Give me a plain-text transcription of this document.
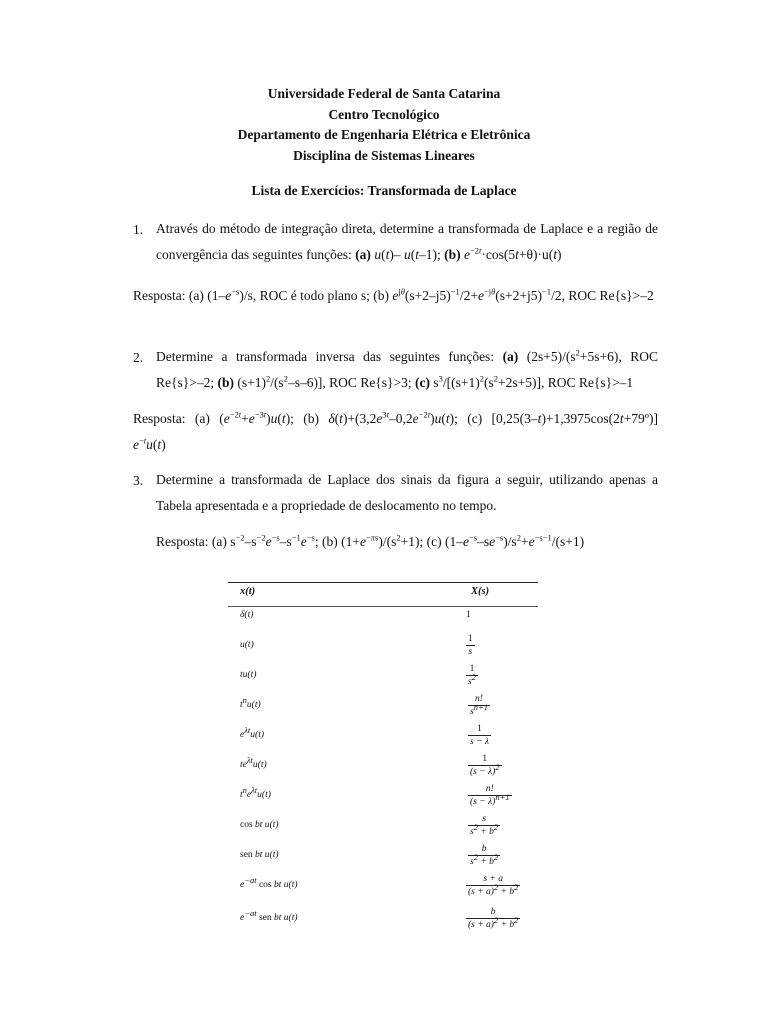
Universidade Federal de Santa Catarina
Centro Tecnológico
Departamento de Engenharia Elétrica e Eletrônica
Disciplina de Sistemas Lineares
Lista de Exercícios: Transformada de Laplace
1. Através do método de integração direta, determine a transformada de Laplace e a região de convergência das seguintes funções: (a) u(t)– u(t–1); (b) $e^{-2t}\cdot\cos(5t+\theta)\cdot u(t)$
Resposta: (a) $(1-e^{-s})/s$, ROC é todo plano s; (b) $e^{j\theta}(s+2-j5)^{-1}/2+e^{-j\theta}(s+2+j5)^{-1}/2$, ROC Re{s}>–2
2. Determine a transformada inversa das seguintes funções: (a) $(2s+5)/(s^2+5s+6)$, ROC Re{s}>–2; (b) $(s+1)^2/(s^2-s-6)$], ROC Re{s}>3; (c) $s^3/[(s+1)^2(s^2+2s+5)]$, ROC Re{s}>–1
Resposta: (a) $(e^{-2t}+e^{-3t})u(t)$; (b) $\delta(t)+(3,2e^{3t}-0,2e^{-2t})u(t)$; (c) [0,25(3–t)+1,3975cos(2t+79º)] $e^{-t}u(t)$
3. Determine a transformada de Laplace dos sinais da figura a seguir, utilizando apenas a Tabela apresentada e a propriedade de deslocamento no tempo.
Resposta: (a) $s^{-2}-s^{-2}e^{-s}-s^{-1}e^{-s}$; (b) $(1+e^{-\pi s})/(s^2+1)$; (c) $(1-e^{-s}-se^{-s})/s^2+e^{-s-1}/(s+1)$
x(t)	X(s)
δ(t)	1
u(t)	$\frac{1}{s}$
tu(t)	$\frac{1}{s^2}$
$t^nu(t)$	$\frac{n!}{s^{n+1}}$
$e^{\lambda t}u(t)$	$\frac{1}{s - \lambda}$
$te^{\lambda t}u(t)$	$\frac{1}{(s - \lambda)^2}$
$t^ne^{\lambda t}u(t)$	$\frac{n!}{(s - \lambda)^{n+1}}$
cos bt u(t)	$\frac{s}{s^2 + b^2}$
sen bt u(t)	$\frac{b}{s^2 + b^2}$
$e^{-at}$ cos bt u(t)	$\frac{s + a}{(s + a)^2 + b^2}$
$e^{-at}$ sen bt u(t)	$\frac{b}{(s + a)^2 + b^2}$
